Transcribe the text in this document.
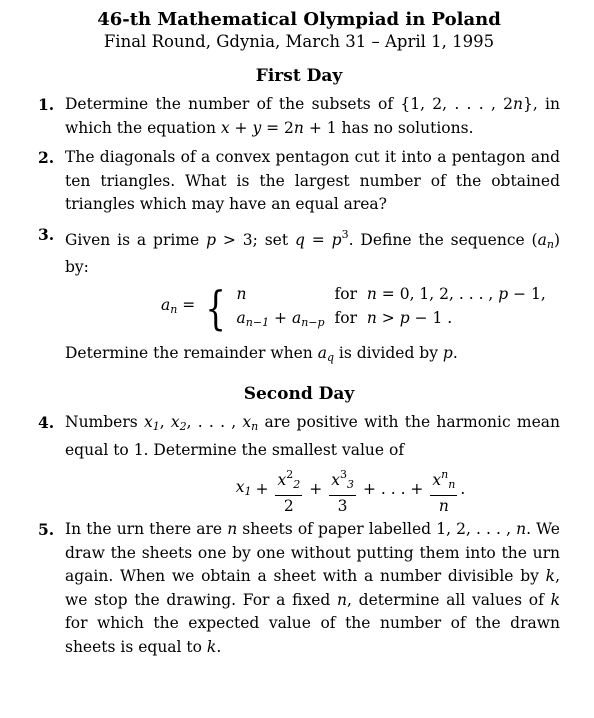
46-th Mathematical Olympiad in Poland
Final Round, Gdynia, March 31 – April 1, 1995
First Day
1. Determine the number of the subsets of {1, 2, . . . , 2n}, in which the equation x + y = 2n + 1 has no solutions.
2. The diagonals of a convex pentagon cut it into a pentagon and ten triangles. What is the largest number of the obtained triangles which may have an equal area?
3. Given is a prime p > 3; set $q = p^3$. Define the sequence $(a_n)$ by:
$a_n$ = { n	for  n = 0, 1, 2, . . . , p − 1,
$a_{n-1} + a_{n-p}$ for  n > p − 1 .
Determine the remainder when $a_q$ is divided by p.
Second Day
4. Numbers $x_1$, $x_2$, . . . , $x_n$ are positive with the harmonic mean equal to 1. Determine the smallest value of
$x_1 + \frac{x^2_2}{2} + \frac{x^3_3}{3}$ + . . . + $\frac{x^n_n}{n}$ .
5. In the urn there are n sheets of paper labelled 1, 2, . . . , n. We draw the sheets one by one without putting them into the urn again. When we obtain a sheet with a number divisible by k, we stop the drawing. For a fixed n, determine all values of k for which the expected value of the number of the drawn sheets is equal to k.
